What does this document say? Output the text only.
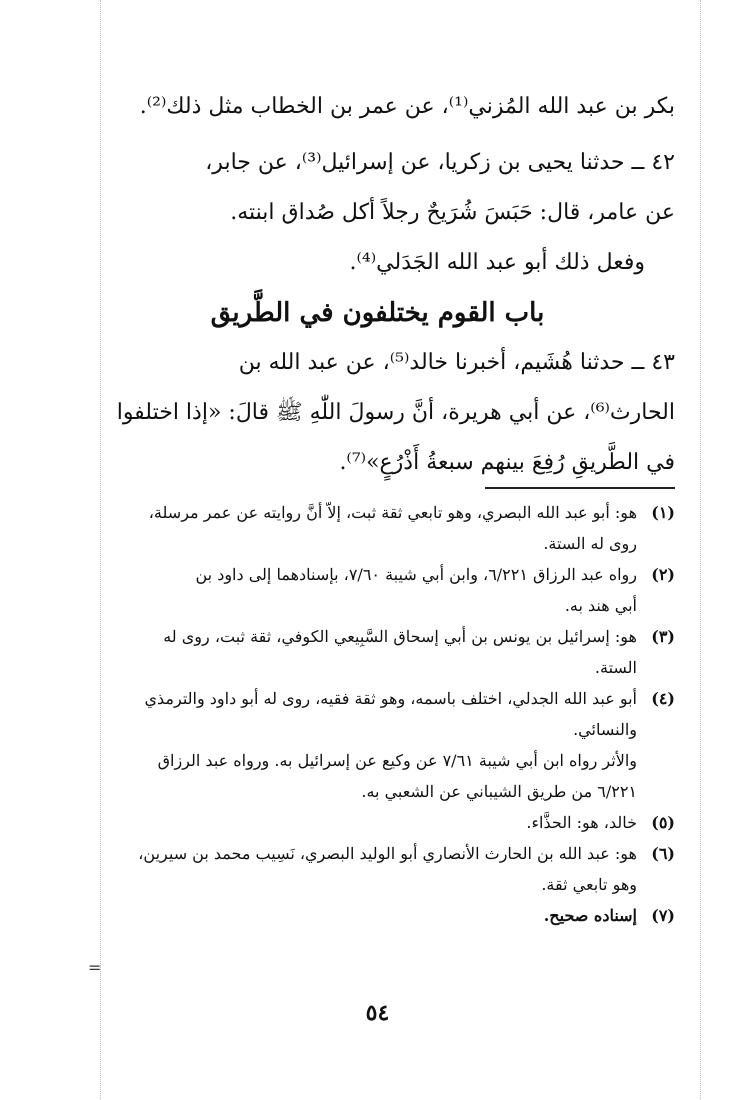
بكر بن عبد الله المُزني⁽¹⁾، عن عمر بن الخطاب مثل ذلك⁽²⁾.
٤٢ ــ حدثنا يحيى بن زكريا، عن إسرائيل⁽³⁾، عن جابر،
عن عامر، قال: حَبَسَ شُرَيحٌ رجلاً أكل صُداق ابنته.
وفعل ذلك أبو عبد الله الجَدَلي⁽⁴⁾.
باب القوم يختلفون في الطَّريق
٤٣ ــ حدثنا هُشَيم، أخبرنا خالد⁽⁵⁾، عن عبد الله بن
الحارث⁽⁶⁾، عن أبي هريرة، أنَّ رسولَ اللّٰهِ ﷺ قالَ: «إذا اختلفوا
في الطَّريقِ رُفِعَ بينهم سبعةُ أَذْرُعٍ»⁽⁷⁾.
(١)
هو: أبو عبد الله البصري، وهو تابعي ثقة ثبت، إلاّ أنَّ روايته عن عمر مرسلة،
روى له الستة.
(٢)
رواه عبد الرزاق ٦/٢٢١، وابن أبي شيبة ٧/٦٠، بإسنادهما إلى داود بن
أبي هند به.
(٣)
هو: إسرائيل بن يونس بن أبي إسحاق السَّبِيعي الكوفي، ثقة ثبت، روى له
الستة.
(٤)
أبو عبد الله الجدلي، اختلف باسمه، وهو ثقة فقيه، روى له أبو داود والترمذي
والنسائي.
والأثر رواه ابن أبي شيبة ٧/٦١ عن وكيع عن إسرائيل به. ورواه عبد الرزاق
٦/٢٢١ من طريق الشيباني عن الشعبي به.
(٥)
خالد، هو: الحذَّاء.
(٦)
هو: عبد الله بن الحارث الأنصاري أبو الوليد البصري، نَسِيب محمد بن سيرين،
وهو تابعي ثقة.
(٧)
إسناده صحيح.
=
٥٤
